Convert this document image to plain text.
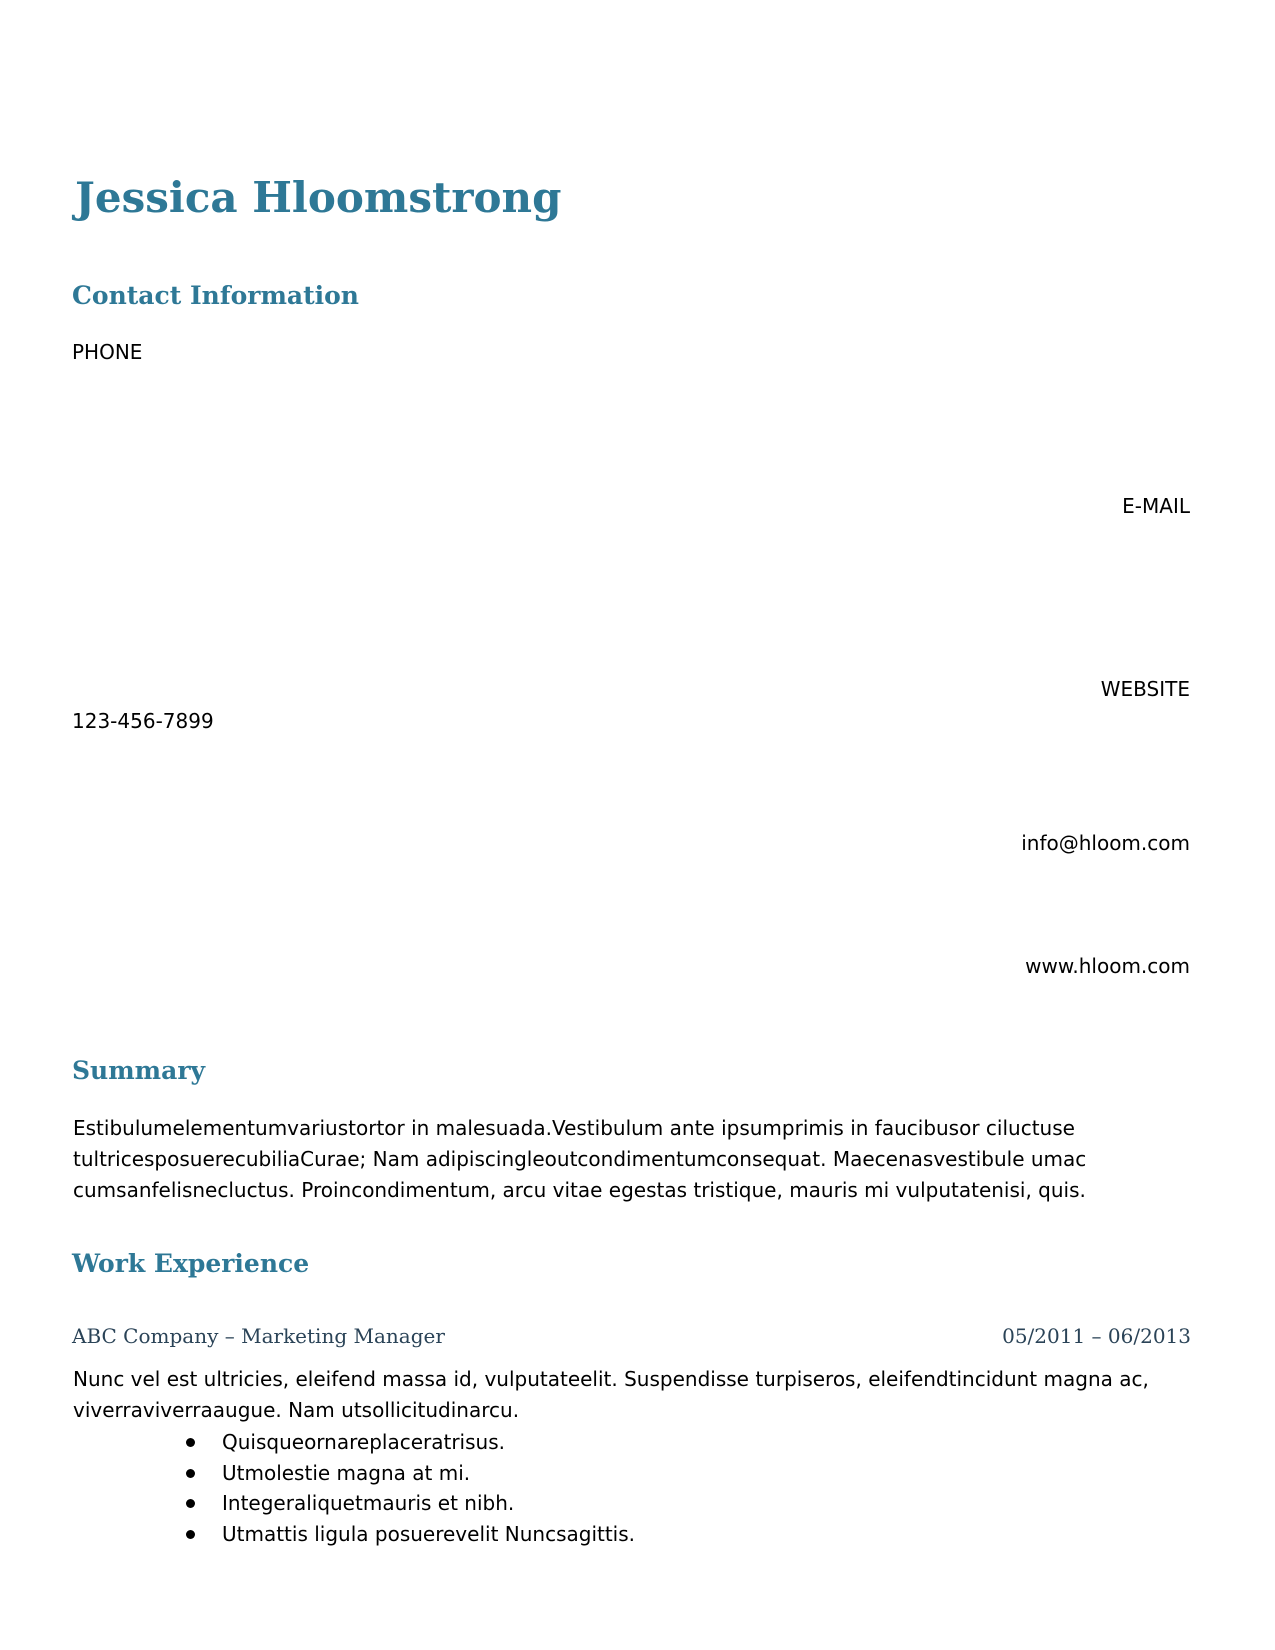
Jessica Hloomstrong
Contact Information
PHONE
E-MAIL
WEBSITE
123-456-7899
info@hloom.com
www.hloom.com
Summary
Estibulumelementumvariustortor in malesuada.Vestibulum ante ipsumprimis in faucibusor ciluctuse
tultricesposuerecubiliaCurae; Nam adipiscingleoutcondimentumconsequat. Maecenasvestibule umac
cumsanfelisnecluctus. Proincondimentum, arcu vitae egestas tristique, mauris mi vulputatenisi, quis.
Work Experience
ABC Company – Marketing Manager	05/2011 – 06/2013
Nunc vel est ultricies, eleifend massa id, vulputateelit. Suspendisse turpiseros, eleifendtincidunt magna ac,
viverraviverraaugue. Nam utsollicitudinarcu.
Quisqueornareplaceratrisus.
Utmolestie magna at mi.
Integeraliquetmauris et nibh.
Utmattis ligula posuerevelit Nuncsagittis.
